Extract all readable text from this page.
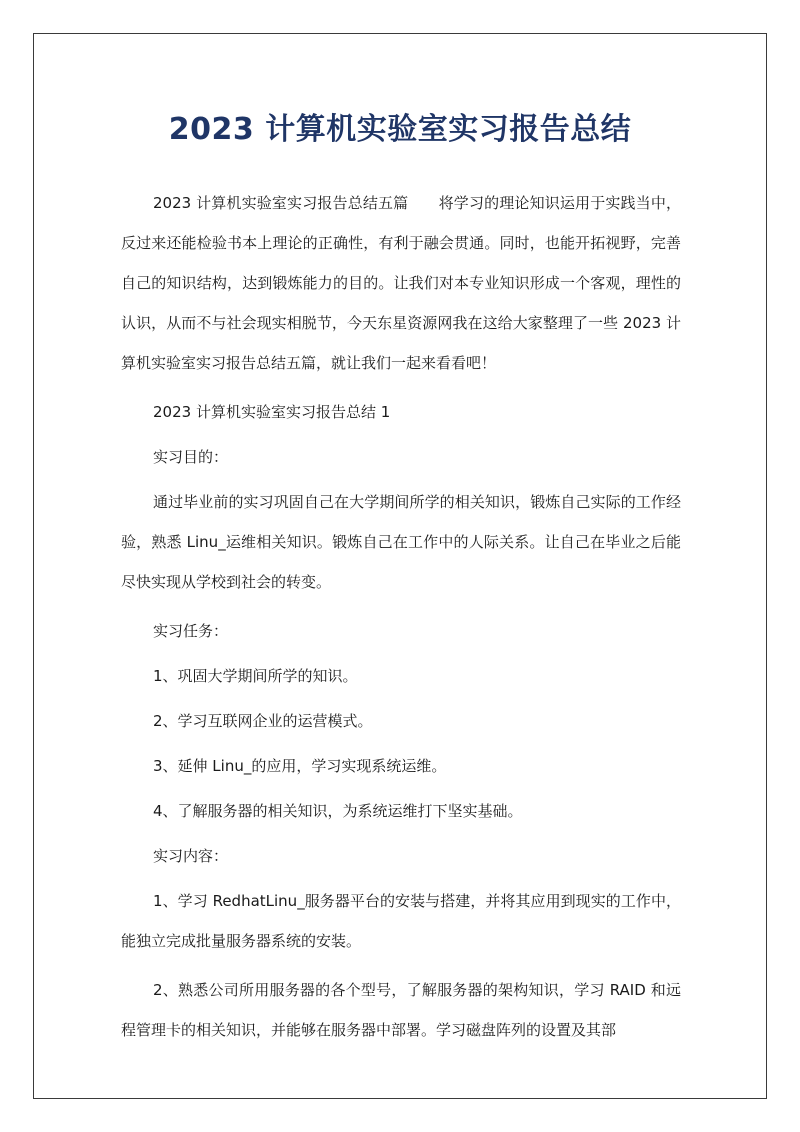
2023 计算机实验室实习报告总结

2023 计算机实验室实习报告总结五篇　　将学习的理论知识运用于实践当中，反过来还能检验书本上理论的正确性，有利于融会贯通。同时，也能开拓视野，完善自己的知识结构，达到锻炼能力的目的。让我们对本专业知识形成一个客观，理性的认识，从而不与社会现实相脱节，今天东星资源网我在这给大家整理了一些 2023 计算机实验室实习报告总结五篇，就让我们一起来看看吧！

2023 计算机实验室实习报告总结 1

实习目的：

通过毕业前的实习巩固自己在大学期间所学的相关知识，锻炼自己实际的工作经验，熟悉 Linu_运维相关知识。锻炼自己在工作中的人际关系。让自己在毕业之后能尽快实现从学校到社会的转变。

实习任务：

1、巩固大学期间所学的知识。

2、学习互联网企业的运营模式。

3、延伸 Linu_的应用，学习实现系统运维。

4、了解服务器的相关知识，为系统运维打下坚实基础。

实习内容：

1、学习 RedhatLinu_服务器平台的安装与搭建，并将其应用到现实的工作中，能独立完成批量服务器系统的安装。

2、熟悉公司所用服务器的各个型号，了解服务器的架构知识，学习 RAID 和远程管理卡的相关知识，并能够在服务器中部署。学习磁盘阵列的设置及其部
